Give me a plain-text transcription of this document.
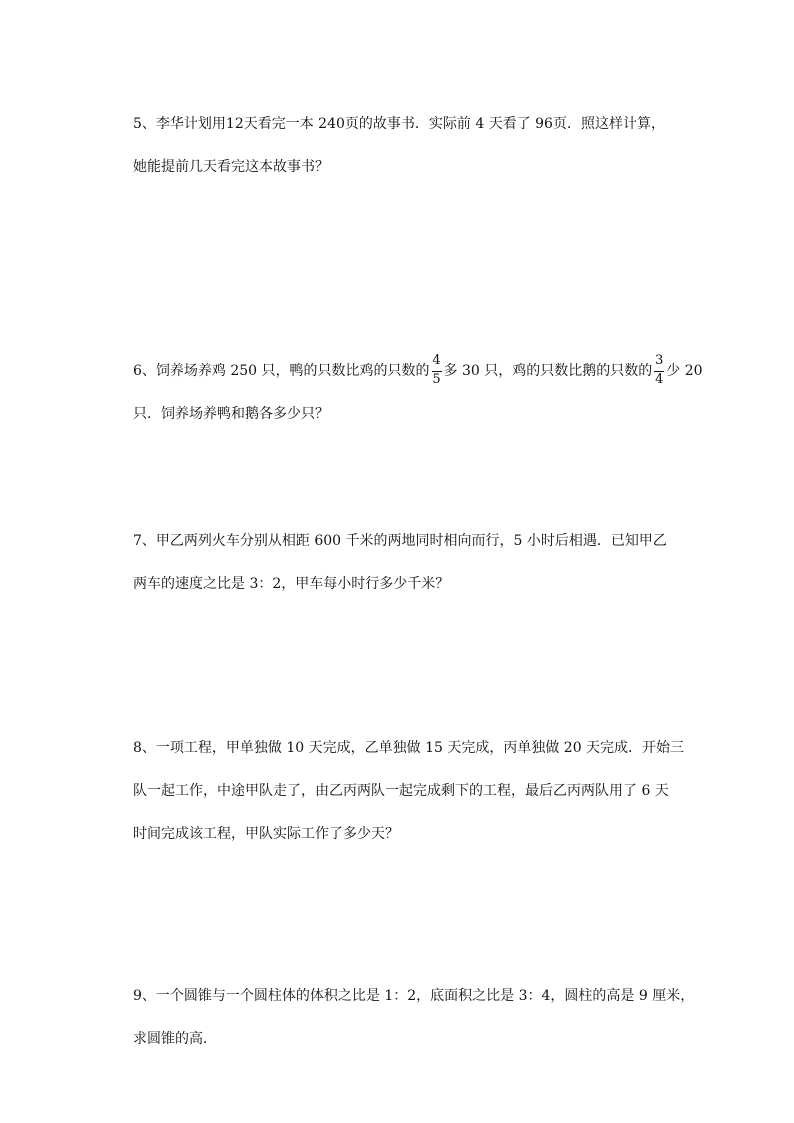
5、李华计划用12天看完一本 240页的故事书．实际前 4 天看了 96页．照这样计算，
她能提前几天看完这本故事书？
6、饲养场养鸡 250 只，鸭的只数比鸡的只数的 $\frac{4}{5}$ 多 30 只，鸡的只数比鹅的只数的 $\frac{3}{4}$ 少 20
只．饲养场养鸭和鹅各多少只？
7、甲乙两列火车分别从相距 600 千米的两地同时相向而行，5 小时后相遇．已知甲乙
两车的速度之比是 3：2，甲车每小时行多少千米？
8、一项工程，甲单独做 10 天完成，乙单独做 15 天完成，丙单独做 20 天完成．开始三
队一起工作，中途甲队走了，由乙丙两队一起完成剩下的工程，最后乙丙两队用了 6 天
时间完成该工程，甲队实际工作了多少天？
9、一个圆锥与一个圆柱体的体积之比是 1：2，底面积之比是 3：4，圆柱的高是 9 厘米，
求圆锥的高．
